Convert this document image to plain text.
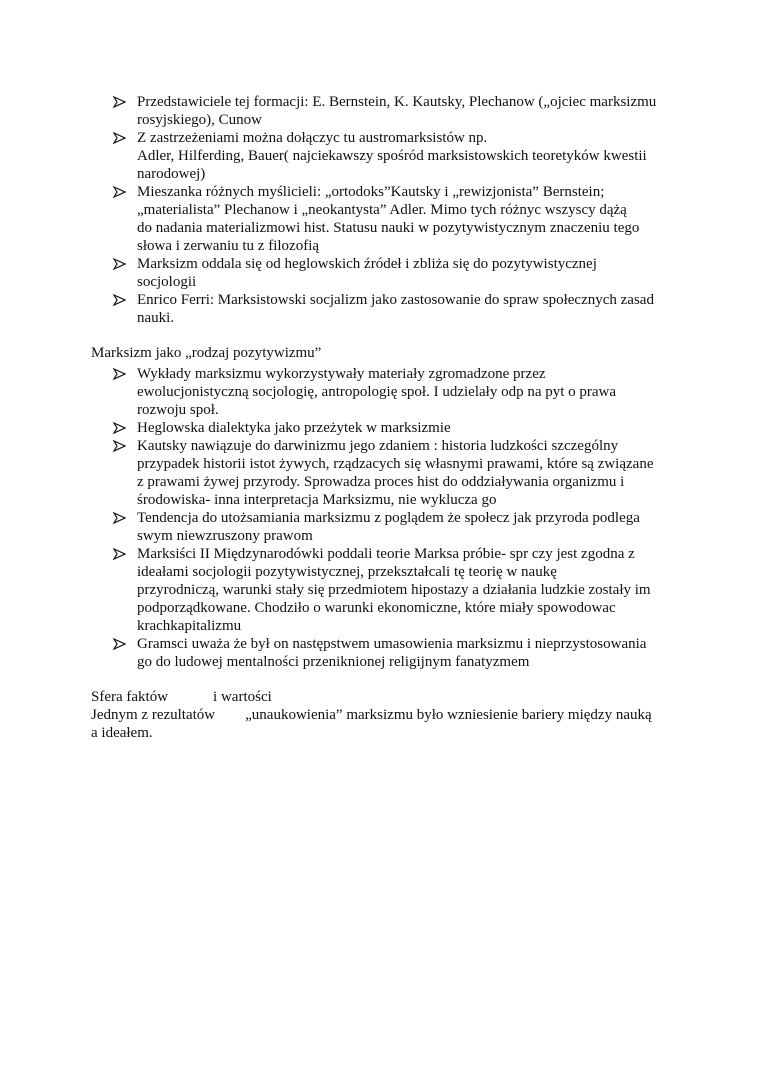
Przedstawiciele tej formacji: E. Bernstein, K. Kautsky, Plechanow („ojciec marksizmu
rosyjskiego), Cunow
Z zastrzeżeniami można dołączyc tu austromarksistów np.
Adler, Hilferding, Bauer( najciekawszy spośród marksistowskich teoretyków kwestii
narodowej)
Mieszanka różnych myślicieli: „ortodoks”Kautsky i „rewizjonista” Bernstein;
„materialista” Plechanow i „neokantysta” Adler. Mimo tych różnyc wszyscy dążą
do nadania materializmowi hist. Statusu nauki w pozytywistycznym znaczeniu tego
słowa i zerwaniu tu z filozofią
Marksizm oddala się od heglowskich źródeł i zbliża się do pozytywistycznej
socjologii
Enrico Ferri: Marksistowski socjalizm jako zastosowanie do spraw społecznych zasad
nauki.
Marksizm jako „rodzaj pozytywizmu”
Wykłady marksizmu wykorzystywały materiały zgromadzone przez
ewolucjonistyczną socjologię, antropologię społ. I udzielały odp na pyt o prawa
rozwoju społ.
Heglowska dialektyka jako przeżytek w marksizmie
Kautsky nawiązuje do darwinizmu jego zdaniem : historia ludzkości szczególny
przypadek historii istot żywych, rządzacych się własnymi prawami, które są związane
z prawami żywej przyrody. Sprowadza proces hist do oddziaływania organizmu i
środowiska- inna interpretacja Marksizmu, nie wyklucza go
Tendencja do utożsamiania marksizmu z poglądem że społecz jak przyroda podlega
swym niewzruszony prawom
Marksiści II Międzynarodówki poddali teorie Marksa próbie- spr czy jest zgodna z
ideałami socjologii pozytywistycznej, przekształcali tę teorię w naukę
przyrodniczą, warunki stały się przedmiotem hipostazy a działania ludzkie zostały im
podporządkowane. Chodziło o warunki ekonomiczne, które miały spowodowac
krachkapitalizmu
Gramsci uważa że był on następstwem umasowienia marksizmu i nieprzystosowania
go do ludowej mentalności przeniknionej religijnym fanatyzmem
Sfera faktów            i wartości
Jednym z rezultatów        „unaukowienia” marksizmu było wzniesienie bariery między nauką
a ideałem.
